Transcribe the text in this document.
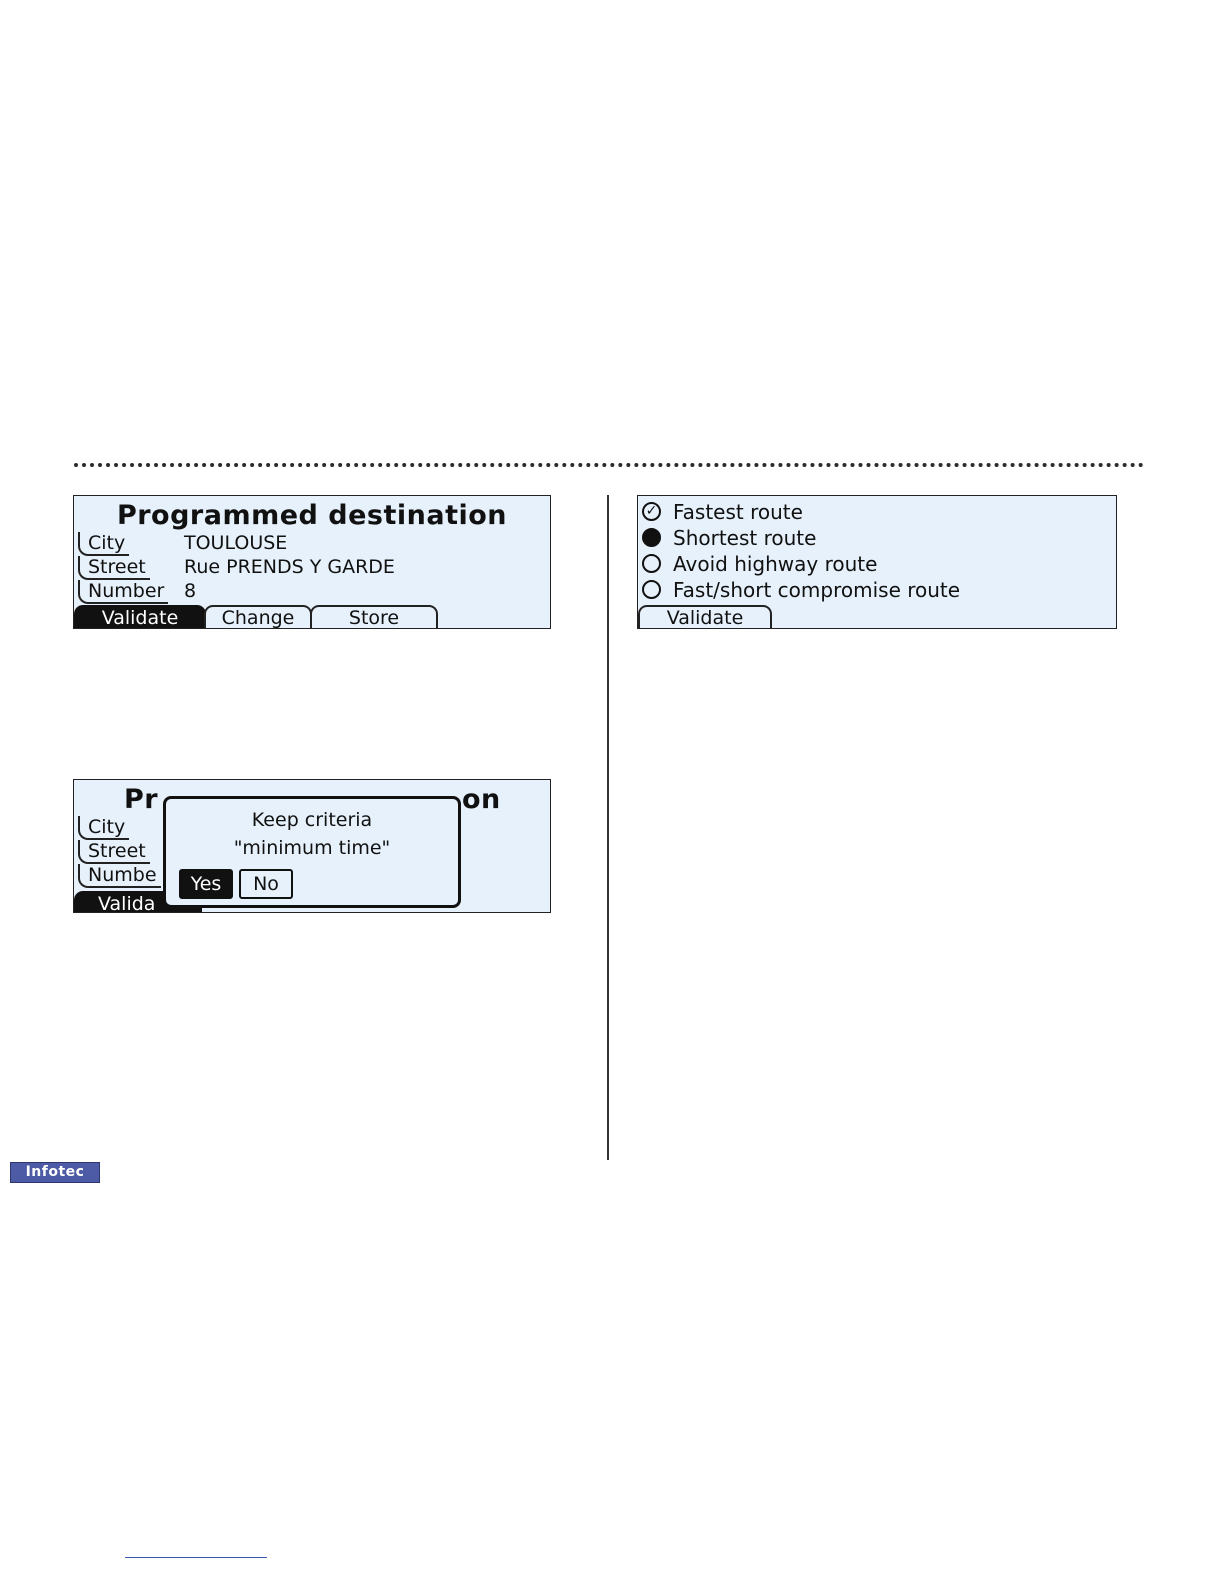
Programmed destination
City	TOULOUSE
Street Rue PRENDS Y GARDE
Number 8
Validate	Change	Store
Pr	on
City
Street
Numbe
Valida
Keep criteria
"minimum time"
Yes	No
✓ Fastest route
Shortest route
Avoid highway route
Fast/short compromise route
Validate
Infotec
